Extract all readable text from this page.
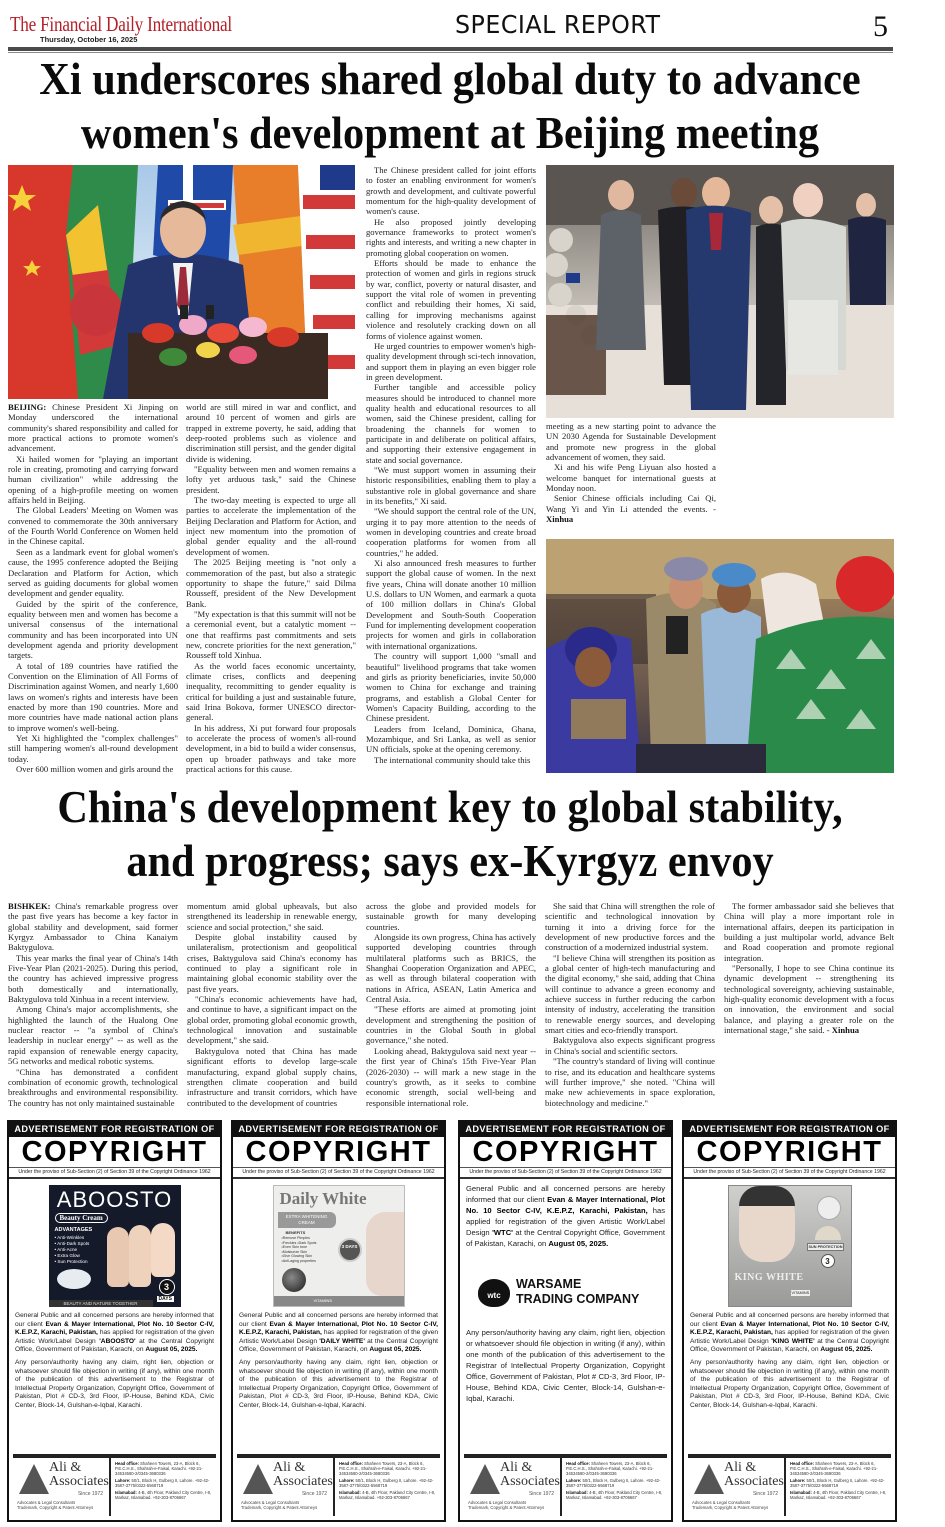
The Financial Daily International
Thursday, October 16, 2025
SPECIAL REPORT	5
Xi underscores shared global duty to advance
women's development at Beijing meeting

BEIJING: Chinese President Xi Jinping on Monday underscored the international community's shared responsibility and called for more practical actions to promote women's advancement.

Xi hailed women for "playing an important role in creating, promoting and carrying forward human civilization" while addressing the opening of a high-profile meeting on women affairs held in Beijing.

The Global Leaders' Meeting on Women was convened to commemorate the 30th anniversary of the Fourth World Conference on Women held in the Chinese capital.

Seen as a landmark event for global women's cause, the 1995 conference adopted the Beijing Declaration and Platform for Action, which served as guiding documents for global women development and gender equality.

Guided by the spirit of the conference, equality between men and women has become a universal consensus of the international community and has been incorporated into UN development agenda and priority development targets.

A total of 189 countries have ratified the Convention on the Elimination of All Forms of Discrimination against Women, and nearly 1,600 laws on women's rights and interests have been enacted by more than 190 countries. More and more countries have made national action plans to improve women's well-being.

Yet Xi highlighted the "complex challenges" still hampering women's all-round development today.

Over 600 million women and girls around the

world are still mired in war and conflict, and around 10 percent of women and girls are trapped in extreme poverty, he said, adding that deep-rooted problems such as violence and discrimination still persist, and the gender digital divide is widening.

"Equality between men and women remains a lofty yet arduous task," said the Chinese president.

The two-day meeting is expected to urge all parties to accelerate the implementation of the Beijing Declaration and Platform for Action, and inject new momentum into the promotion of global gender equality and the all-round development of women.

The 2025 Beijing meeting is "not only a commemoration of the past, but also a strategic opportunity to shape the future," said Dilma Rousseff, president of the New Development Bank.

"My expectation is that this summit will not be a ceremonial event, but a catalytic moment -- one that reaffirms past commitments and sets new, concrete priorities for the next generation," Rousseff told Xinhua.

As the world faces economic uncertainty, climate crises, conflicts and deepening inequality, recommitting to gender equality is critical for building a just and sustainable future, said Irina Bokova, former UNESCO director-general.

In his address, Xi put forward four proposals to accelerate the process of women's all-round development, in a bid to build a wider consensus, open up broader pathways and take more practical actions for this cause.

The Chinese president called for joint efforts to foster an enabling environment for women's growth and development, and cultivate powerful momentum for the high-quality development of women's cause.

He also proposed jointly developing governance frameworks to protect women's rights and interests, and writing a new chapter in promoting global cooperation on women.

Efforts should be made to enhance the protection of women and girls in regions struck by war, conflict, poverty or natural disaster, and support the vital role of women in preventing conflict and rebuilding their homes, Xi said, calling for improving mechanisms against violence and resolutely cracking down on all forms of violence against women.

He urged countries to empower women's high-quality development through sci-tech innovation, and support them in playing an even bigger role in green development.

Further tangible and accessible policy measures should be introduced to channel more quality health and educational resources to all women, said the Chinese president, calling for broadening the channels for women to participate in and deliberate on political affairs, and supporting their extensive engagement in state and social governance.

"We must support women in assuming their historic responsibilities, enabling them to play a substantive role in global governance and share in its benefits," Xi said.

"We should support the central role of the UN, urging it to pay more attention to the needs of women in developing countries and create broad cooperation platforms for women from all countries," he added.

Xi also announced fresh measures to further support the global cause of women. In the next five years, China will donate another 10 million U.S. dollars to UN Women, and earmark a quota of 100 million dollars in China's Global Development and South-South Cooperation Fund for implementing development cooperation projects for women and girls in collaboration with international organizations.

The country will support 1,000 "small and beautiful" livelihood programs that take women and girls as priority beneficiaries, invite 50,000 women to China for exchange and training programs, and establish a Global Center for Women's Capacity Building, according to the Chinese president.

Leaders from Iceland, Dominica, Ghana, Mozambique, and Sri Lanka, as well as senior UN officials, spoke at the opening ceremony.

The international community should take this

meeting as a new starting point to advance the UN 2030 Agenda for Sustainable Development and promote new progress in the global advancement of women, they said.

Xi and his wife Peng Liyuan also hosted a welcome banquet for international guests at Monday noon.

Senior Chinese officials including Cai Qi, Wang Yi and Yin Li attended the events. - Xinhua

China's development key to global stability,
and progress; says ex-Kyrgyz envoy

BISHKEK: China's remarkable progress over the past five years has become a key factor in global stability and development, said former Kyrgyz Ambassador to China Kanaiym Baktygulova.

This year marks the final year of China's 14th Five-Year Plan (2021-2025). During this period, the country has achieved impressive progress both domestically and internationally, Baktygulova told Xinhua in a recent interview.

Among China's major accomplishments, she highlighted the launch of the Hualong One nuclear reactor -- "a symbol of China's leadership in nuclear energy" -- as well as the rapid expansion of renewable energy capacity, 5G networks and medical robotic systems.

"China has demonstrated a confident combination of economic growth, technological breakthroughs and environmental responsibility. The country has not only maintained sustainable

momentum amid global upheavals, but also strengthened its leadership in renewable energy, science and social protection," she said.

Despite global instability caused by unilateralism, protectionism and geopolitical crises, Baktygulova said China's economy has continued to play a significant role in maintaining global economic stability over the past five years.

"China's economic achievements have had, and continue to have, a significant impact on the global order, promoting global economic growth, technological innovation and sustainable development," she said.

Baktygulova noted that China has made significant efforts to develop large-scale manufacturing, expand global supply chains, strengthen climate cooperation and build infrastructure and transit corridors, which have contributed to the development of countries

across the globe and provided models for sustainable growth for many developing countries.

Alongside its own progress, China has actively supported developing countries through multilateral platforms such as BRICS, the Shanghai Cooperation Organization and APEC, as well as through bilateral cooperation with nations in Africa, ASEAN, Latin America and Central Asia.

"These efforts are aimed at promoting joint development and strengthening the position of countries in the Global South in global governance," she noted.

Looking ahead, Baktygulova said next year -- the first year of China's 15th Five-Year Plan (2026-2030) -- will mark a new stage in the country's growth, as it seeks to combine economic strength, social well-being and responsible international role.

She said that China will strengthen the role of scientific and technological innovation by turning it into a driving force for the development of new productive forces and the construction of a modernized industrial system.

"I believe China will strengthen its position as a global center of high-tech manufacturing and the digital economy," she said, adding that China will continue to advance a green economy and achieve success in further reducing the carbon intensity of industry, accelerating the transition to renewable energy sources, and developing smart cities and eco-friendly transport.

Baktygulova also expects significant progress in China's social and scientific sectors.

"The country's standard of living will continue to rise, and its education and healthcare systems will further improve," she noted. "China will make new achievements in space exploration, biotechnology and medicine."

The former ambassador said she believes that China will play a more important role in international affairs, deepen its participation in building a just multipolar world, advance Belt and Road cooperation and promote regional integration.

"Personally, I hope to see China continue its dynamic development -- strengthening its technological sovereignty, achieving sustainable, high-quality economic development with a focus on innovation, the environment and social balance, and playing a greater role on the international stage," she said. - Xinhua

ADVERTISEMENT FOR REGISTRATION OF
COPYRIGHT
Under the proviso of Sub-Section (2) of Section 39 of the Copyright Ordinance 1962
ABOOSTO
Beauty Cream
ADVANTAGES
• Anti-Wrinkles
• Anti-Dark Spots
• Anti-Acne
• Extra Glow
• Sun Protection
3
DAYS
BEAUTY AND NATURE TOGETHER

General Public and all concerned persons are hereby informed that our client Evan & Mayer International, Plot No. 10 Sector C-IV, K.E.P.Z, Karachi, Pakistan, has applied for registration of the given Artistic Work/Label Design 'ABOOSTO' at the Central Copyright Office, Government of Pakistan, Karachi, on August 05, 2025.

Any person/authority having any claim, right lien, objection or whatsoever should file objection in writing (if any), within one month of the publication of this advertisement to the Registrar of Intellectual Property Organization, Copyright Office, Government of Pakistan, Plot # CD-3, 3rd Floor, IP-House, Behind KDA, Civic Center, Block-14, Gulshan-e-Iqbal, Karachi.

Ali &
Associates
Since 1972
Advocates & Legal Consultants
Trademark, Copyright & Patent Attorneys
Head office: Shaheen Towers, 23-A, Block 6, P.E.C.H.S., Shahrah-e-Faisal, Karachi. +92-21-34534580-2/0345-3680336
Lahore: 50/1, Block H, Gulberg II, Lahore. +92-42-3587-3775/0322-5568719
Islamabad: 4-B, 4th Floor, Pakland City Centre, I-8, Markaz, Islamabad. +92-303-8706667
ADVERTISEMENT FOR REGISTRATION OF
COPYRIGHT
Under the proviso of Sub-Section (2) of Section 39 of the Copyright Ordinance 1962
Daily White
EXTRA WHITENING CREAM
BENEFITS
•Remove Pimples
•Freckles •Dark Spots
•Even Skin tone
•Moisturize Skin
•Give Glowing Skin
•Anti-aging properties
3 DAYS
VITAMINS

General Public and all concerned persons are hereby informed that our client Evan & Mayer International, Plot No. 10 Sector C-IV, K.E.P.Z, Karachi, Pakistan, has applied for registration of the given Artistic Work/Label Design 'DAILY WHITE' at the Central Copyright Office, Government of Pakistan, Karachi, on August 05, 2025.

Any person/authority having any claim, right lien, objection or whatsoever should file objection in writing (if any), within one month of the publication of this advertisement to the Registrar of Intellectual Property Organization, Copyright Office, Government of Pakistan, Plot # CD-3, 3rd Floor, IP-House, Behind KDA, Civic Center, Block-14, Gulshan-e-Iqbal, Karachi.

Ali &
Associates
Since 1972
Advocates & Legal Consultants
Trademark, Copyright & Patent Attorneys
Head office: Shaheen Towers, 23-A, Block 6, P.E.C.H.S., Shahrah-e-Faisal, Karachi. +92-21-34534580-2/0345-3680336
Lahore: 50/1, Block H, Gulberg II, Lahore. +92-42-3587-3775/0322-5568719
Islamabad: 4-B, 4th Floor, Pakland City Centre, I-8, Markaz, Islamabad. +92-303-8706667
ADVERTISEMENT FOR REGISTRATION OF
COPYRIGHT
Under the proviso of Sub-Section (2) of Section 39 of the Copyright Ordinance 1962

General Public and all concerned persons are hereby informed that our client Evan & Mayer International, Plot No. 10 Sector C-IV, K.E.P.Z, Karachi, Pakistan, has applied for registration of the given Artistic Work/Label Design 'WTC' at the Central Copyright Office, Government of Pakistan, Karachi, on August 05, 2025.

wtc
WARSAME
TRADING COMPANY

Any person/authority having any claim, right lien, objection or whatsoever should file objection in writing (if any), within one month of the publication of this advertisement to the Registrar of Intellectual Property Organization, Copyright Office, Government of Pakistan, Plot # CD-3, 3rd Floor, IP-House, Behind KDA, Civic Center, Block-14, Gulshan-e-Iqbal, Karachi.

Ali &
Associates
Since 1972
Advocates & Legal Consultants
Trademark, Copyright & Patent Attorneys
Head office: Shaheen Towers, 23-A, Block 6, P.E.C.H.S., Shahrah-e-Faisal, Karachi. +92-21-34534580-2/0345-3680336
Lahore: 50/1, Block H, Gulberg II, Lahore. +92-42-3587-3775/0322-5568719
Islamabad: 4-B, 4th Floor, Pakland City Centre, I-8, Markaz, Islamabad. +92-303-8706667
ADVERTISEMENT FOR REGISTRATION OF
COPYRIGHT
Under the proviso of Sub-Section (2) of Section 39 of the Copyright Ordinance 1962
SUN PROTECTION
3
KING WHITE
VITAMINS

General Public and all concerned persons are hereby informed that our client Evan & Mayer International, Plot No. 10 Sector C-IV, K.E.P.Z, Karachi, Pakistan, has applied for registration of the given Artistic Work/Label Design 'KING WHITE' at the Central Copyright Office, Government of Pakistan, Karachi, on August 05, 2025.

Any person/authority having any claim, right lien, objection or whatsoever should file objection in writing (if any), within one month of the publication of this advertisement to the Registrar of Intellectual Property Organization, Copyright Office, Government of Pakistan, Plot # CD-3, 3rd Floor, IP-House, Behind KDA, Civic Center, Block-14, Gulshan-e-Iqbal, Karachi.

Ali &
Associates
Since 1972
Advocates & Legal Consultants
Trademark, Copyright & Patent Attorneys
Head office: Shaheen Towers, 23-A, Block 6, P.E.C.H.S., Shahrah-e-Faisal, Karachi. +92-21-34534580-2/0345-3680336
Lahore: 50/1, Block H, Gulberg II, Lahore. +92-42-3587-3775/0322-5568719
Islamabad: 4-B, 4th Floor, Pakland City Centre, I-8, Markaz, Islamabad. +92-303-8706667
